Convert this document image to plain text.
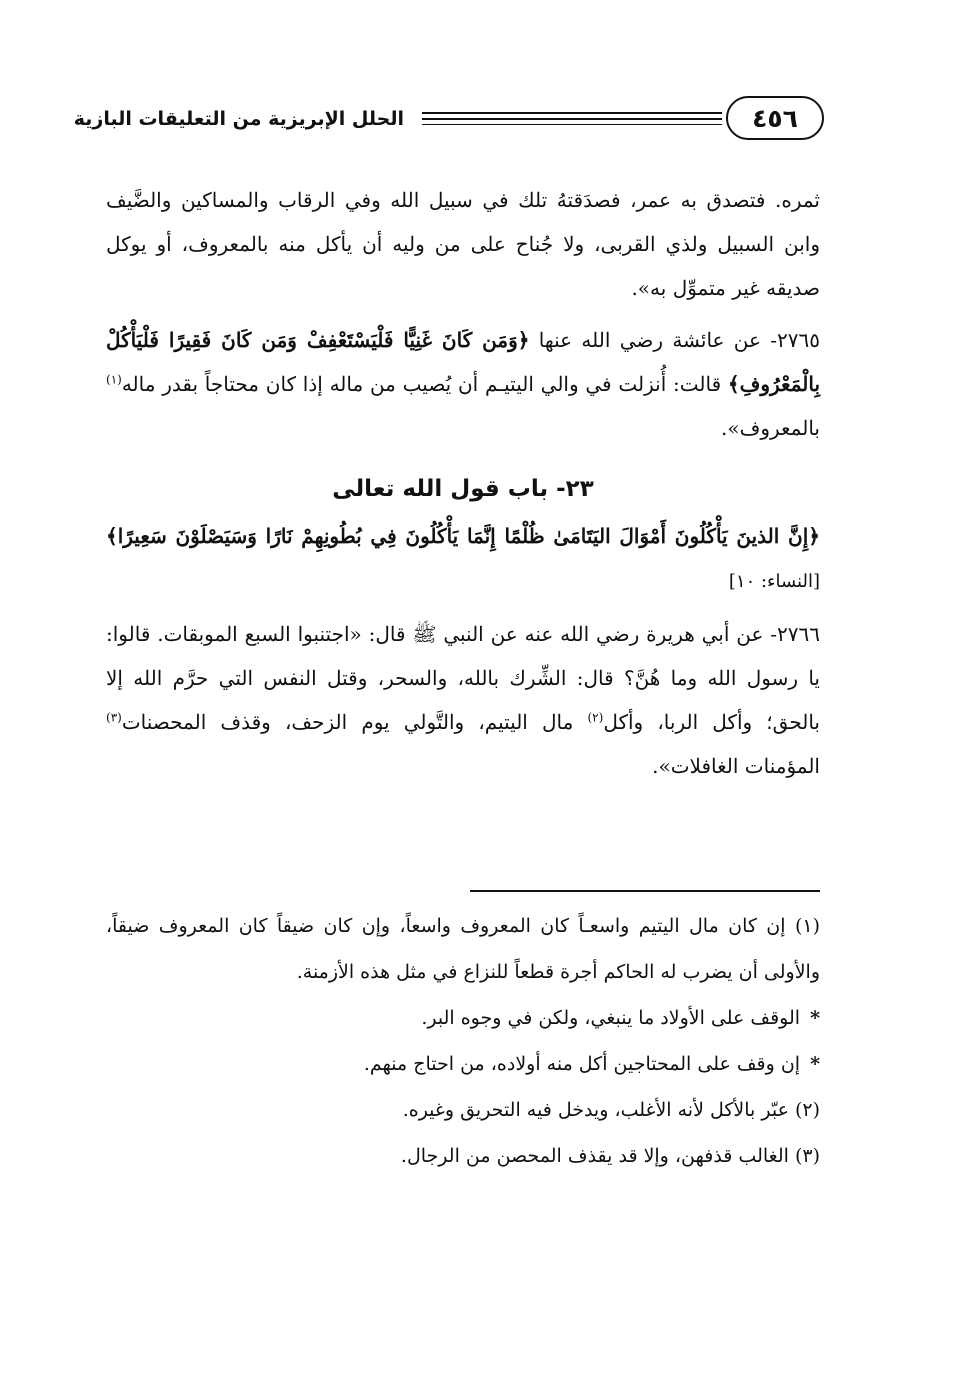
الحلل الإبريزية من التعليقات البازية	٤٥٦

ثمره. فتصدق به عمر، فصدَقتهُ تلك في سبيل الله وفي الرقاب والمساكين والضَّيف وابن السبيل ولذي القربى، ولا جُناح على من وليه أن يأكل منه بالمعروف، أو يوكل صديقه غير متموِّل به».

٢٧٦٥- عن عائشة رضي الله عنها ﴿وَمَن كَانَ غَنِيًّا فَلْيَسْتَعْفِفْ وَمَن كَانَ فَقِيرًا فَلْيَأْكُلْ بِالْمَعْرُوفِ﴾ قالت: أُنزلت في والي اليتيـم أن يُصيب من ماله إذا كان محتاجاً بقدر ماله$^{(١)}$ بالمعروف».

٢٣- باب قول الله تعالى

﴿إِنَّ الذينَ يَأْكُلُونَ أَمْوَالَ اليَتَامَىٰ ظُلْمًا إِنَّمَا يَأْكُلُونَ فِي بُطُونِهِمْ نَارًا وَسَيَصْلَوْنَ سَعِيرًا﴾ [النساء: ١٠]

٢٧٦٦- عن أبي هريرة رضي الله عنه عن النبي ﷺ قال: «اجتنبوا السبع الموبقات. قالوا: يا رسول الله وما هُنَّ؟ قال: الشِّرك بالله، والسحر، وقتل النفس التي حرَّم الله إلا بالحق؛ وأكل الربا، وأكل$^{(٢)}$ مال اليتيم، والتَّولي يوم الزحف، وقذف المحصنات$^{(٣)}$ المؤمنات الغافلات».

(١) إن كان مال اليتيم واسعـاً كان المعروف واسعاً، وإن كان ضيقاً كان المعروف ضيقاً، والأولى أن يضرب له الحاكم أجرة قطعاً للنزاع في مثل هذه الأزمنة.

*الوقف على الأولاد ما ينبغي، ولكن في وجوه البر.

*إن وقف على المحتاجين أكل منه أولاده، من احتاج منهم.

(٢) عبّر بالأكل لأنه الأغلب، ويدخل فيه التحريق وغيره.

(٣) الغالب قذفهن، وإلا قد يقذف المحصن من الرجال.
